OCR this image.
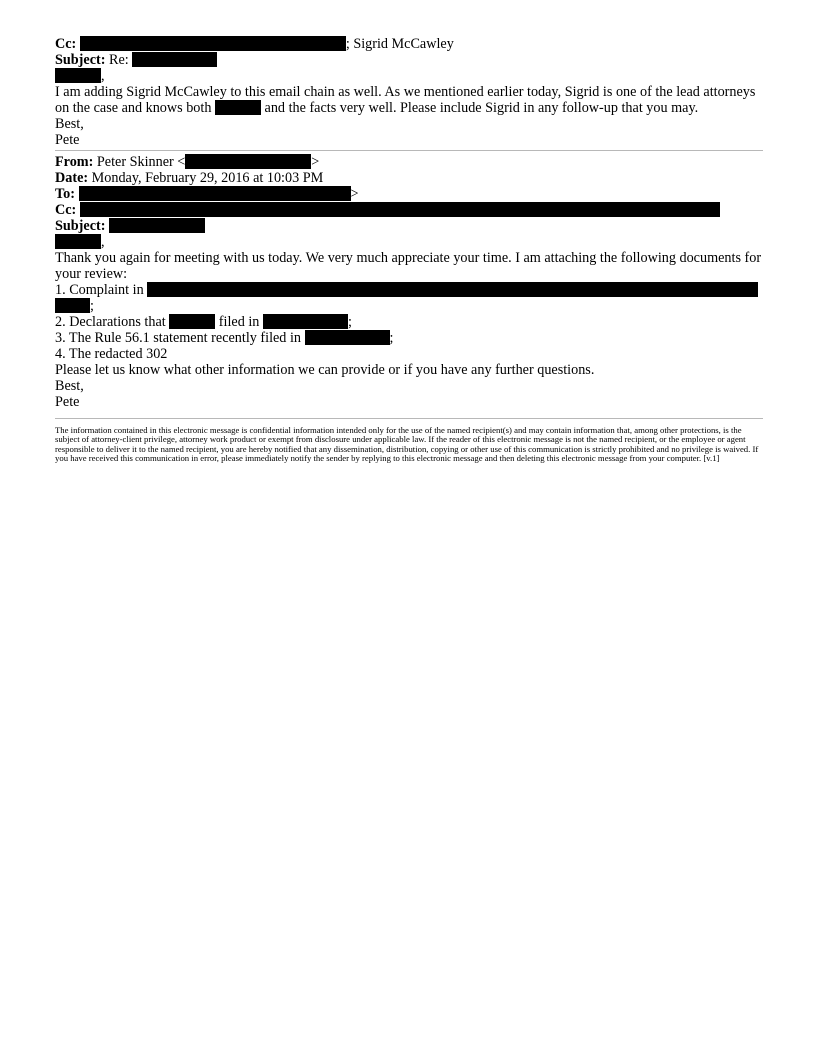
Cc:	; Sigrid McCawley
Subject: Re:
,
I am adding Sigrid McCawley to this email chain as well. As we mentioned earlier today, Sigrid is one of the lead attorneys
on the case and knows both	and the facts very well. Please include Sigrid in any follow-up that you may.
Best,
Pete
From: Peter Skinner <	>
Date: Monday, February 29, 2016 at 10:03 PM
To:	>
Cc:
Subject:
,
Thank you again for meeting with us today. We very much appreciate your time. I am attaching the following documents for your review:
1. Complaint in
;
2. Declarations that	filed in	;
3. The Rule 56.1 statement recently filed in	;
4. The redacted 302
Please let us know what other information we can provide or if you have any further questions.
Best,
Pete
The information contained in this electronic message is confidential information intended only for the use of the named recipient(s) and may contain information that, among other protections, is the subject of attorney-client privilege, attorney work product or exempt from disclosure under applicable law. If the reader of this electronic message is not the named recipient, or the employee or agent responsible to deliver it to the named recipient, you are hereby notified that any dissemination, distribution, copying or other use of this communication is strictly prohibited and no privilege is waived. If you have received this communication in error, please immediately notify the sender by replying to this electronic message and then deleting this electronic message from your computer. [v.1]
